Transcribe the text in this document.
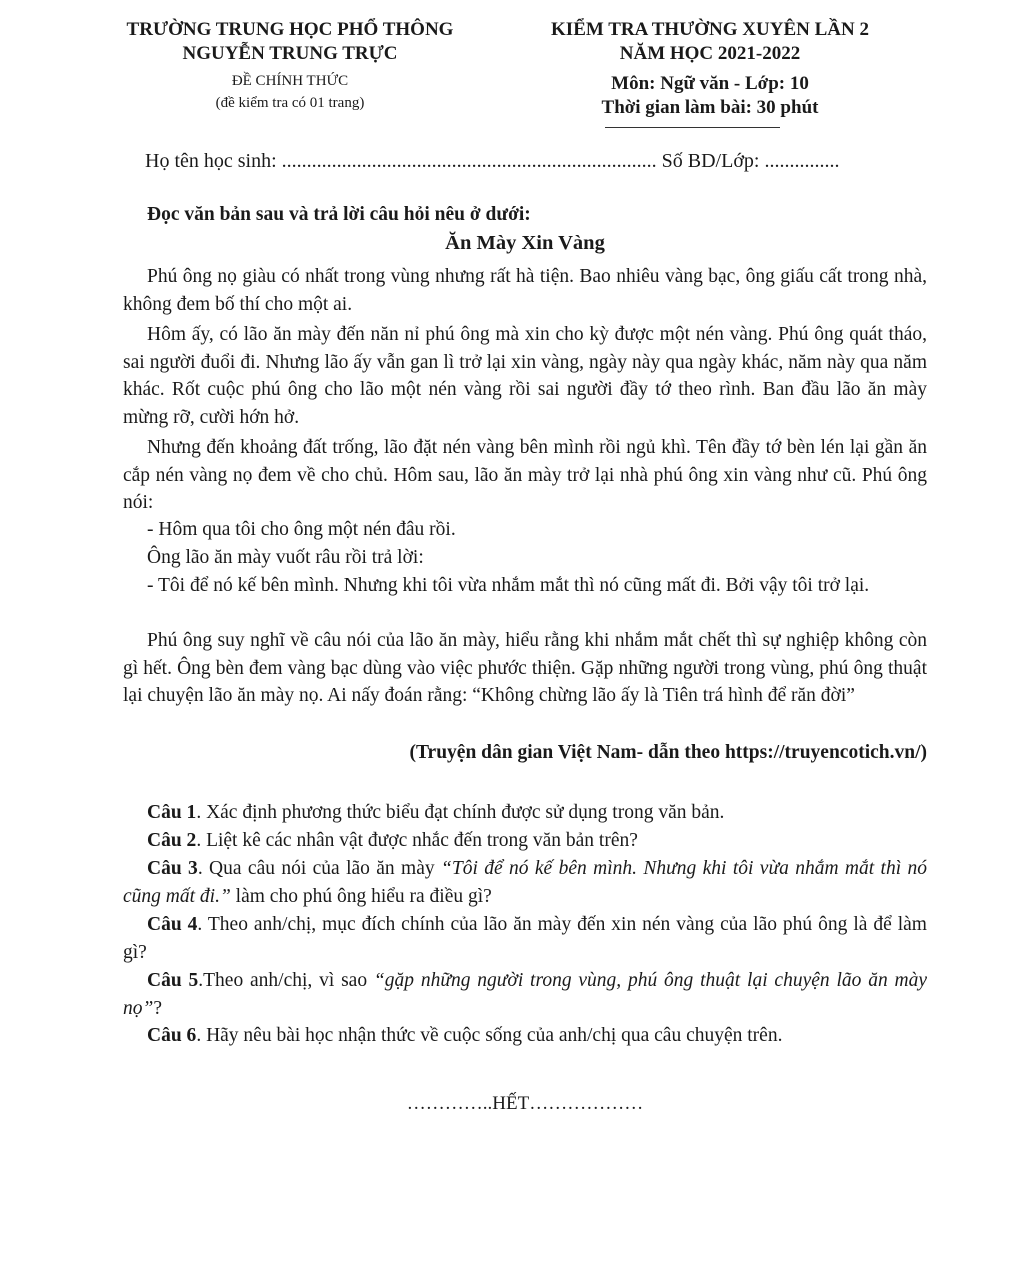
TRƯỜNG TRUNG HỌC PHỔ THÔNG
NGUYỄN TRUNG TRỰC
ĐỀ CHÍNH THỨC
(đề kiểm tra có 01 trang)
KIỂM TRA THƯỜNG XUYÊN LẦN 2
NĂM HỌC 2021-2022
Môn: Ngữ văn - Lớp: 10
Thời gian làm bài: 30 phút
Họ tên học sinh: ........................................................................... Số BD/Lớp: ...............
Đọc văn bản sau và trả lời câu hỏi nêu ở dưới:
Ăn Mày Xin Vàng
Phú ông nọ giàu có nhất trong vùng nhưng rất hà tiện. Bao nhiêu vàng bạc, ông giấu cất trong nhà, không đem bố thí cho một ai.
Hôm ấy, có lão ăn mày đến năn nỉ phú ông mà xin cho kỳ được một nén vàng. Phú ông quát tháo, sai người đuổi đi. Nhưng lão ấy vẫn gan lì trở lại xin vàng, ngày này qua ngày khác, năm này qua năm khác. Rốt cuộc phú ông cho lão một nén vàng rồi sai người đầy tớ theo rình. Ban đầu lão ăn mày mừng rỡ, cười hớn hở.
Nhưng đến khoảng đất trống, lão đặt nén vàng bên mình rồi ngủ khì. Tên đầy tớ bèn lén lại gần ăn cắp nén vàng nọ đem về cho chủ. Hôm sau, lão ăn mày trở lại nhà phú ông xin vàng như cũ. Phú ông nói:
- Hôm qua tôi cho ông một nén đâu rồi.
Ông lão ăn mày vuốt râu rồi trả lời:
- Tôi để nó kế bên mình. Nhưng khi tôi vừa nhắm mắt thì nó cũng mất đi. Bởi vậy tôi trở lại.
Phú ông suy nghĩ về câu nói của lão ăn mày, hiểu rằng khi nhắm mắt chết thì sự nghiệp không còn gì hết. Ông bèn đem vàng bạc dùng vào việc phước thiện. Gặp những người trong vùng, phú ông thuật lại chuyện lão ăn mày nọ. Ai nấy đoán rằng: “Không chừng lão ấy là Tiên trá hình để răn đời”
(Truyện dân gian Việt Nam- dẫn theo https://truyencotich.vn/)
Câu 1. Xác định phương thức biểu đạt chính được sử dụng trong văn bản.
Câu 2. Liệt kê các nhân vật được nhắc đến trong văn bản trên?
Câu 3. Qua câu nói của lão ăn mày “Tôi để nó kế bên mình. Nhưng khi tôi vừa nhắm mắt thì nó cũng mất đi.” làm cho phú ông hiểu ra điều gì?
Câu 4. Theo anh/chị, mục đích chính của lão ăn mày đến xin nén vàng của lão phú ông là để làm gì?
Câu 5.Theo anh/chị, vì sao “gặp những người trong vùng, phú ông thuật lại chuyện lão ăn mày nọ”?
Câu 6. Hãy nêu bài học nhận thức về cuộc sống của anh/chị qua câu chuyện trên.
…………..HẾT………………
